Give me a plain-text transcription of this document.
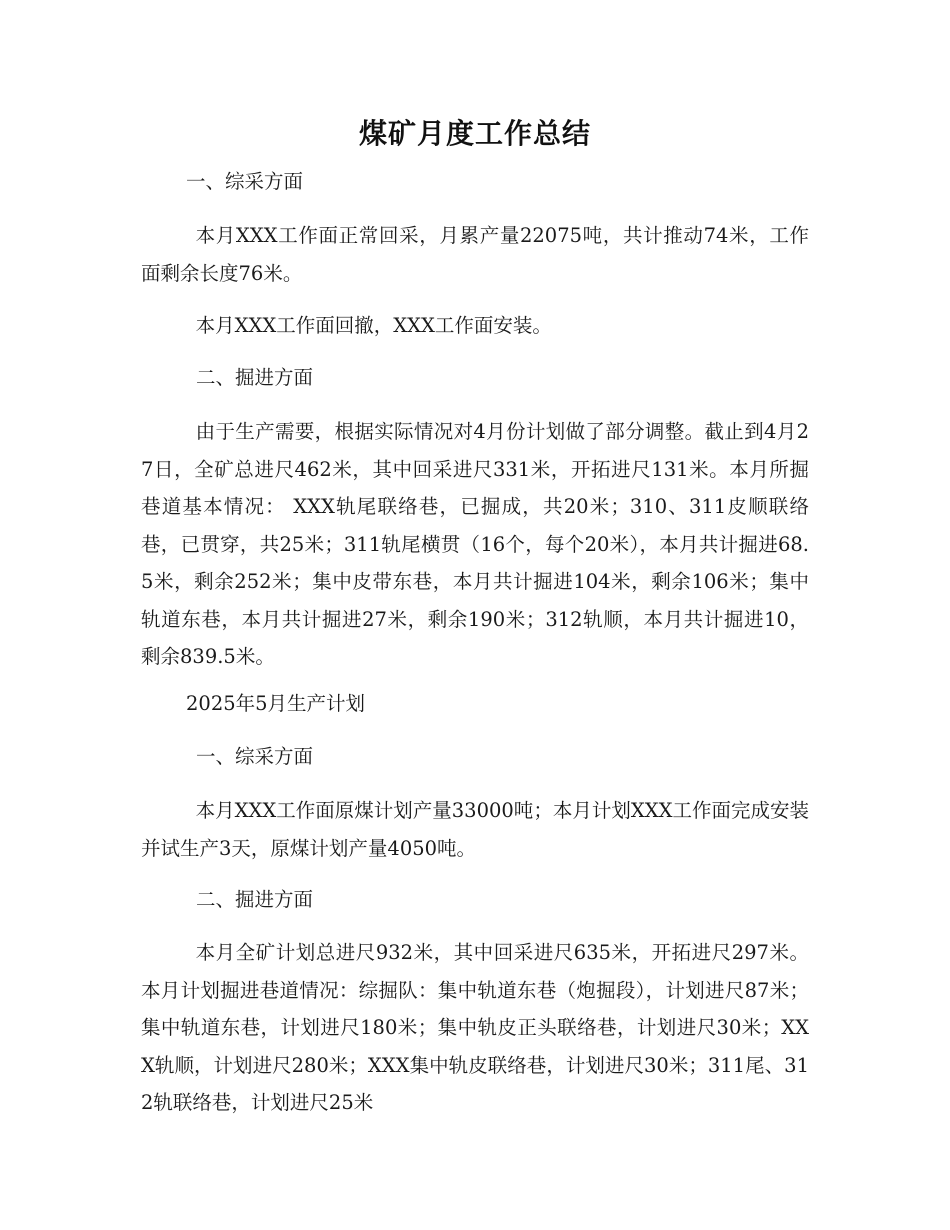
煤矿月度工作总结
一、综采方面
本月XXX工作面正常回采，月累产量22075吨，共计推动74米，工作面剩余长度76米。
本月XXX工作面回撤，XXX工作面安装。
二、掘进方面
由于生产需要，根据实际情况对4月份计划做了部分调整。截止到4月27日，全矿总进尺462米，其中回采进尺331米，开拓进尺131米。本月所掘巷道基本情况： XXX轨尾联络巷，已掘成，共20米；310、311皮顺联络巷，已贯穿，共25米；311轨尾横贯（16个，每个20米），本月共计掘进68.5米，剩余252米；集中皮带东巷，本月共计掘进104米，剩余106米；集中轨道东巷，本月共计掘进27米，剩余190米；312轨顺，本月共计掘进10，剩余839.5米。
2025年5月生产计划
一、综采方面
本月XXX工作面原煤计划产量33000吨；本月计划XXX工作面完成安装并试生产3天，原煤计划产量4050吨。
二、掘进方面
本月全矿计划总进尺932米，其中回采进尺635米，开拓进尺297米。本月计划掘进巷道情况：综掘队：集中轨道东巷（炮掘段），计划进尺87米；集中轨道东巷，计划进尺180米；集中轨皮正头联络巷，计划进尺30米；XXX轨顺，计划进尺280米；XXX集中轨皮联络巷，计划进尺30米；311尾、312轨联络巷，计划进尺25米
